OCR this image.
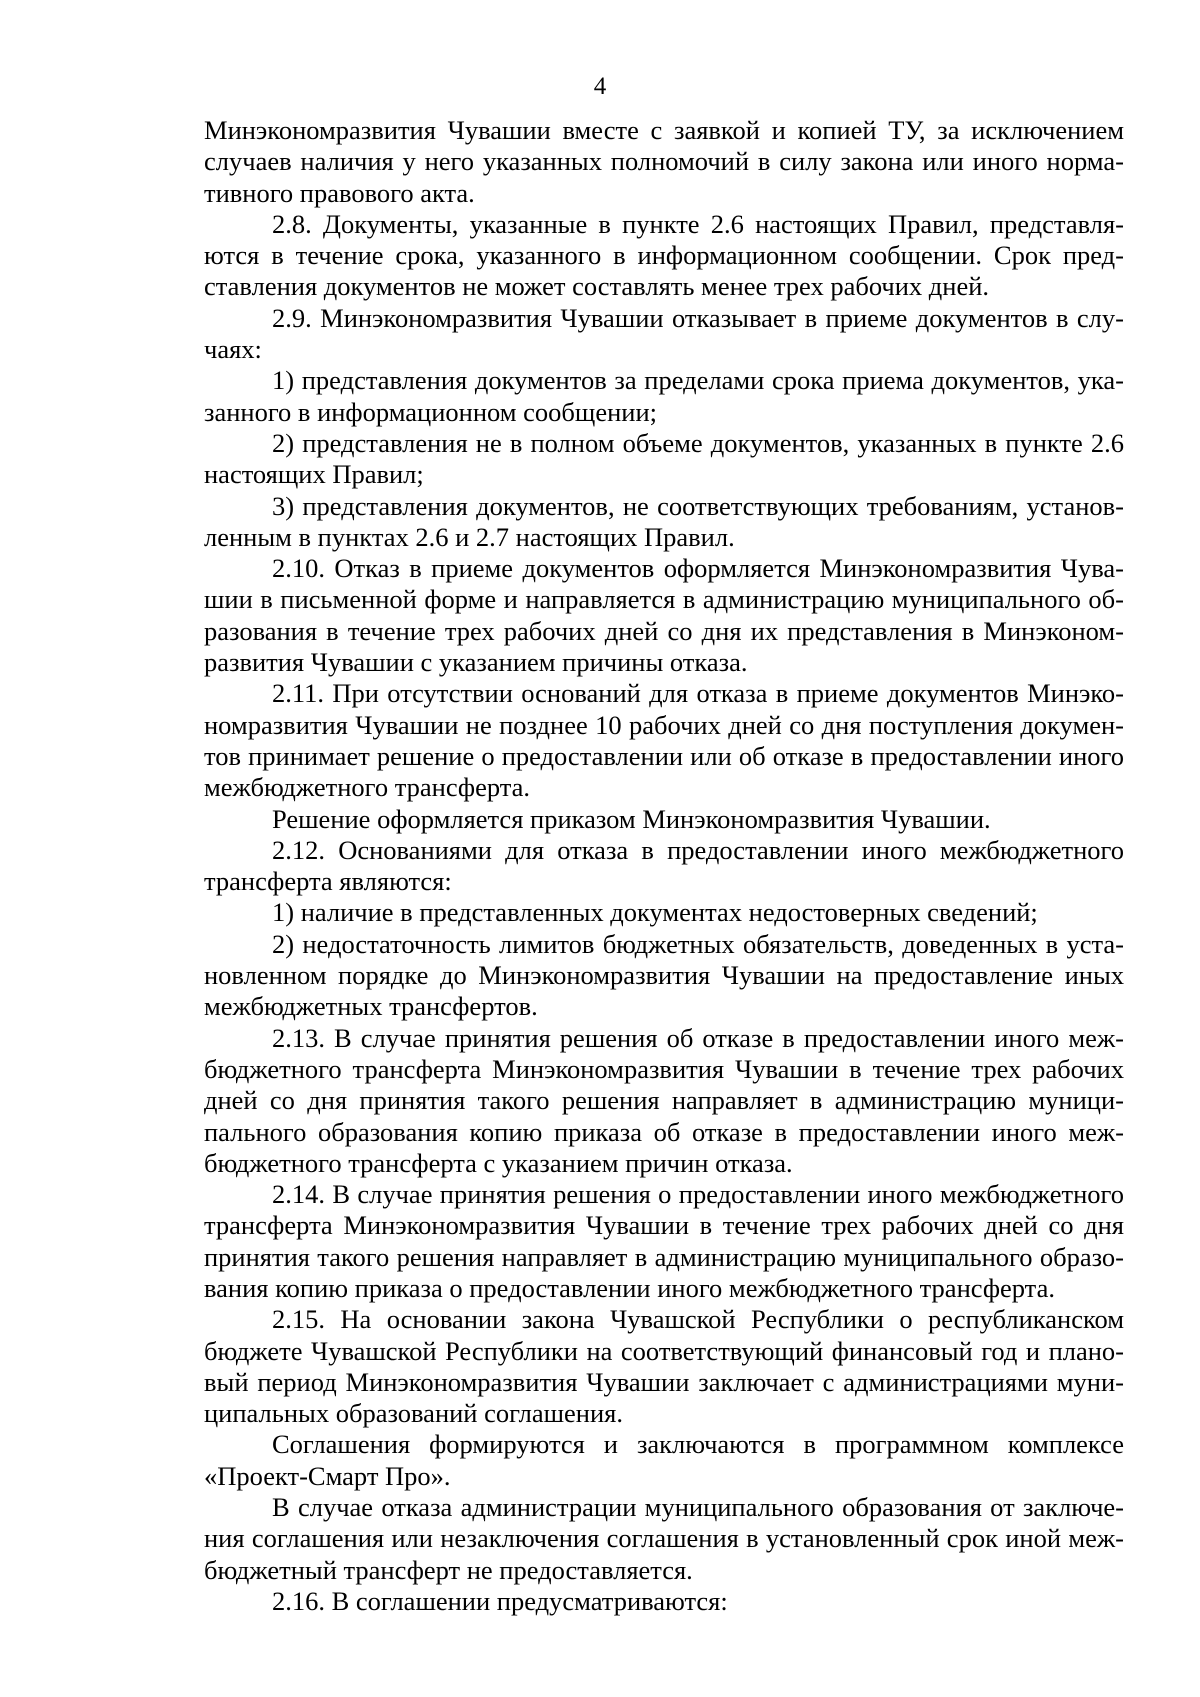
4

Минэкономразвития Чувашии вместе с заявкой и копией ТУ, за исключением случаев наличия у него указанных полномочий в силу закона или иного нормативного правового акта.

2.8. Документы, указанные в пункте 2.6 настоящих Правил, представляются в течение срока, указанного в информационном сообщении. Срок представления документов не может составлять менее трех рабочих дней.

2.9. Минэкономразвития Чувашии отказывает в приеме документов в случаях:

1) представления документов за пределами срока приема документов, указанного в информационном сообщении;

2) представления не в полном объеме документов, указанных в пункте 2.6 настоящих Правил;

3) представления документов, не соответствующих требованиям, установленным в пунктах 2.6 и 2.7 настоящих Правил.

2.10. Отказ в приеме документов оформляется Минэкономразвития Чувашии в письменной форме и направляется в администрацию муниципального образования в течение трех рабочих дней со дня их представления в Минэкономразвития Чувашии с указанием причины отказа.

2.11. При отсутствии оснований для отказа в приеме документов Минэкономразвития Чувашии не позднее 10 рабочих дней со дня поступления документов принимает решение о предоставлении или об отказе в предоставлении иного межбюджетного трансферта.

Решение оформляется приказом Минэкономразвития Чувашии.

2.12. Основаниями для отказа в предоставлении иного межбюджетного трансферта являются:

1) наличие в представленных документах недостоверных сведений;

2) недостаточность лимитов бюджетных обязательств, доведенных в установленном порядке до Минэкономразвития Чувашии на предоставление иных межбюджетных трансфертов.

2.13. В случае принятия решения об отказе в предоставлении иного межбюджетного трансферта Минэкономразвития Чувашии в течение трех рабочих дней со дня принятия такого решения направляет в администрацию муниципального образования копию приказа об отказе в предоставлении иного межбюджетного трансферта с указанием причин отказа.

2.14. В случае принятия решения о предоставлении иного межбюджетного трансферта Минэкономразвития Чувашии в течение трех рабочих дней со дня принятия такого решения направляет в администрацию муниципального образования копию приказа о предоставлении иного межбюджетного трансферта.

2.15. На основании закона Чувашской Республики о республиканском бюджете Чувашской Республики на соответствующий финансовый год и плановый период Минэкономразвития Чувашии заключает с администрациями муниципальных образований соглашения.

Соглашения формируются и заключаются в программном комплексе «Проект-Смарт Про».

В случае отказа администрации муниципального образования от заключения соглашения или незаключения соглашения в установленный срок иной межбюджетный трансферт не предоставляется.

2.16. В соглашении предусматриваются:
